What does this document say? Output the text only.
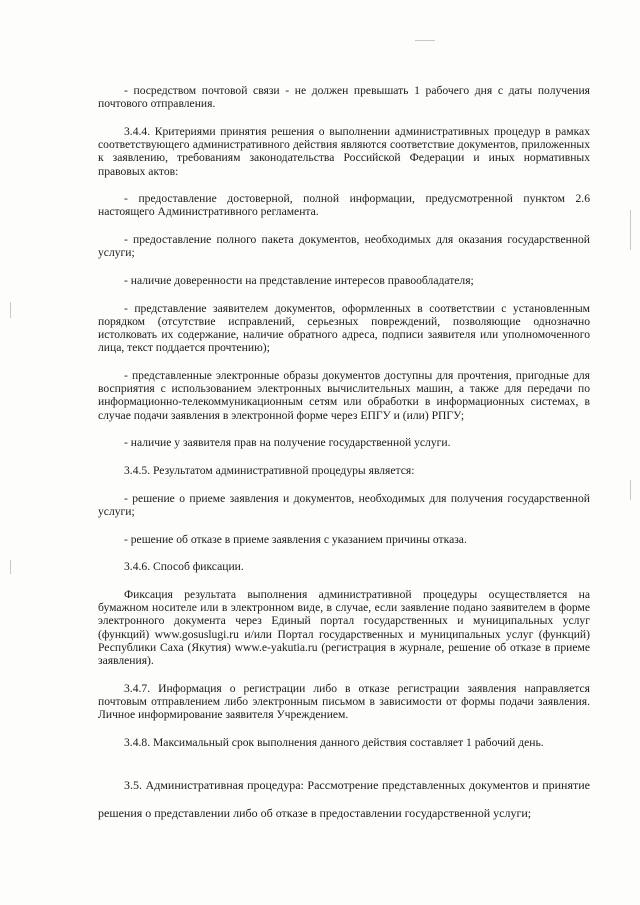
- посредством почтовой связи - не должен превышать 1 рабочего дня с даты получения почтового отправления.

3.4.4. Критериями принятия решения о выполнении административных процедур в рамках соответствующего административного действия являются соответствие документов, приложенных к заявлению, требованиям законодательства Российской Федерации и иных нормативных правовых актов:

- предоставление достоверной, полной информации, предусмотренной пунктом 2.6 настоящего Административного регламента.

- предоставление полного пакета документов, необходимых для оказания государственной услуги;

- наличие доверенности на представление интересов правообладателя;

- представление заявителем документов, оформленных в соответствии с установленным порядком (отсутствие исправлений, серьезных повреждений, позволяющие однозначно истолковать их содержание, наличие обратного адреса, подписи заявителя или уполномоченного лица, текст поддается прочтению);

- представленные электронные образы документов доступны для прочтения, пригодные для восприятия с использованием электронных вычислительных машин, а также для передачи по информационно-телекоммуникационным сетям или обработки в информационных системах, в случае подачи заявления в электронной форме через ЕПГУ и (или) РПГУ;

- наличие у заявителя прав на получение государственной услуги.

3.4.5. Результатом административной процедуры является:

- решение о приеме заявления и документов, необходимых для получения государственной услуги;

- решение об отказе в приеме заявления с указанием причины отказа.

3.4.6. Способ фиксации.

Фиксация результата выполнения административной процедуры осуществляется на бумажном носителе или в электронном виде, в случае, если заявление подано заявителем в форме электронного документа через Единый портал государственных и муниципальных услуг (функций) www.gosuslugi.ru и/или Портал государственных и муниципальных услуг (функций) Республики Саха (Якутия) www.e-yakutia.ru (регистрация в журнале, решение об отказе в приеме заявления).

3.4.7. Информация о регистрации либо в отказе регистрации заявления направляется почтовым отправлением либо электронным письмом в зависимости от формы подачи заявления. Личное информирование заявителя Учреждением.

3.4.8. Максимальный срок выполнения данного действия составляет 1 рабочий день.

3.5. Административная процедура: Рассмотрение представленных документов и принятие решения о представлении либо об отказе в предоставлении государственной услуги;
